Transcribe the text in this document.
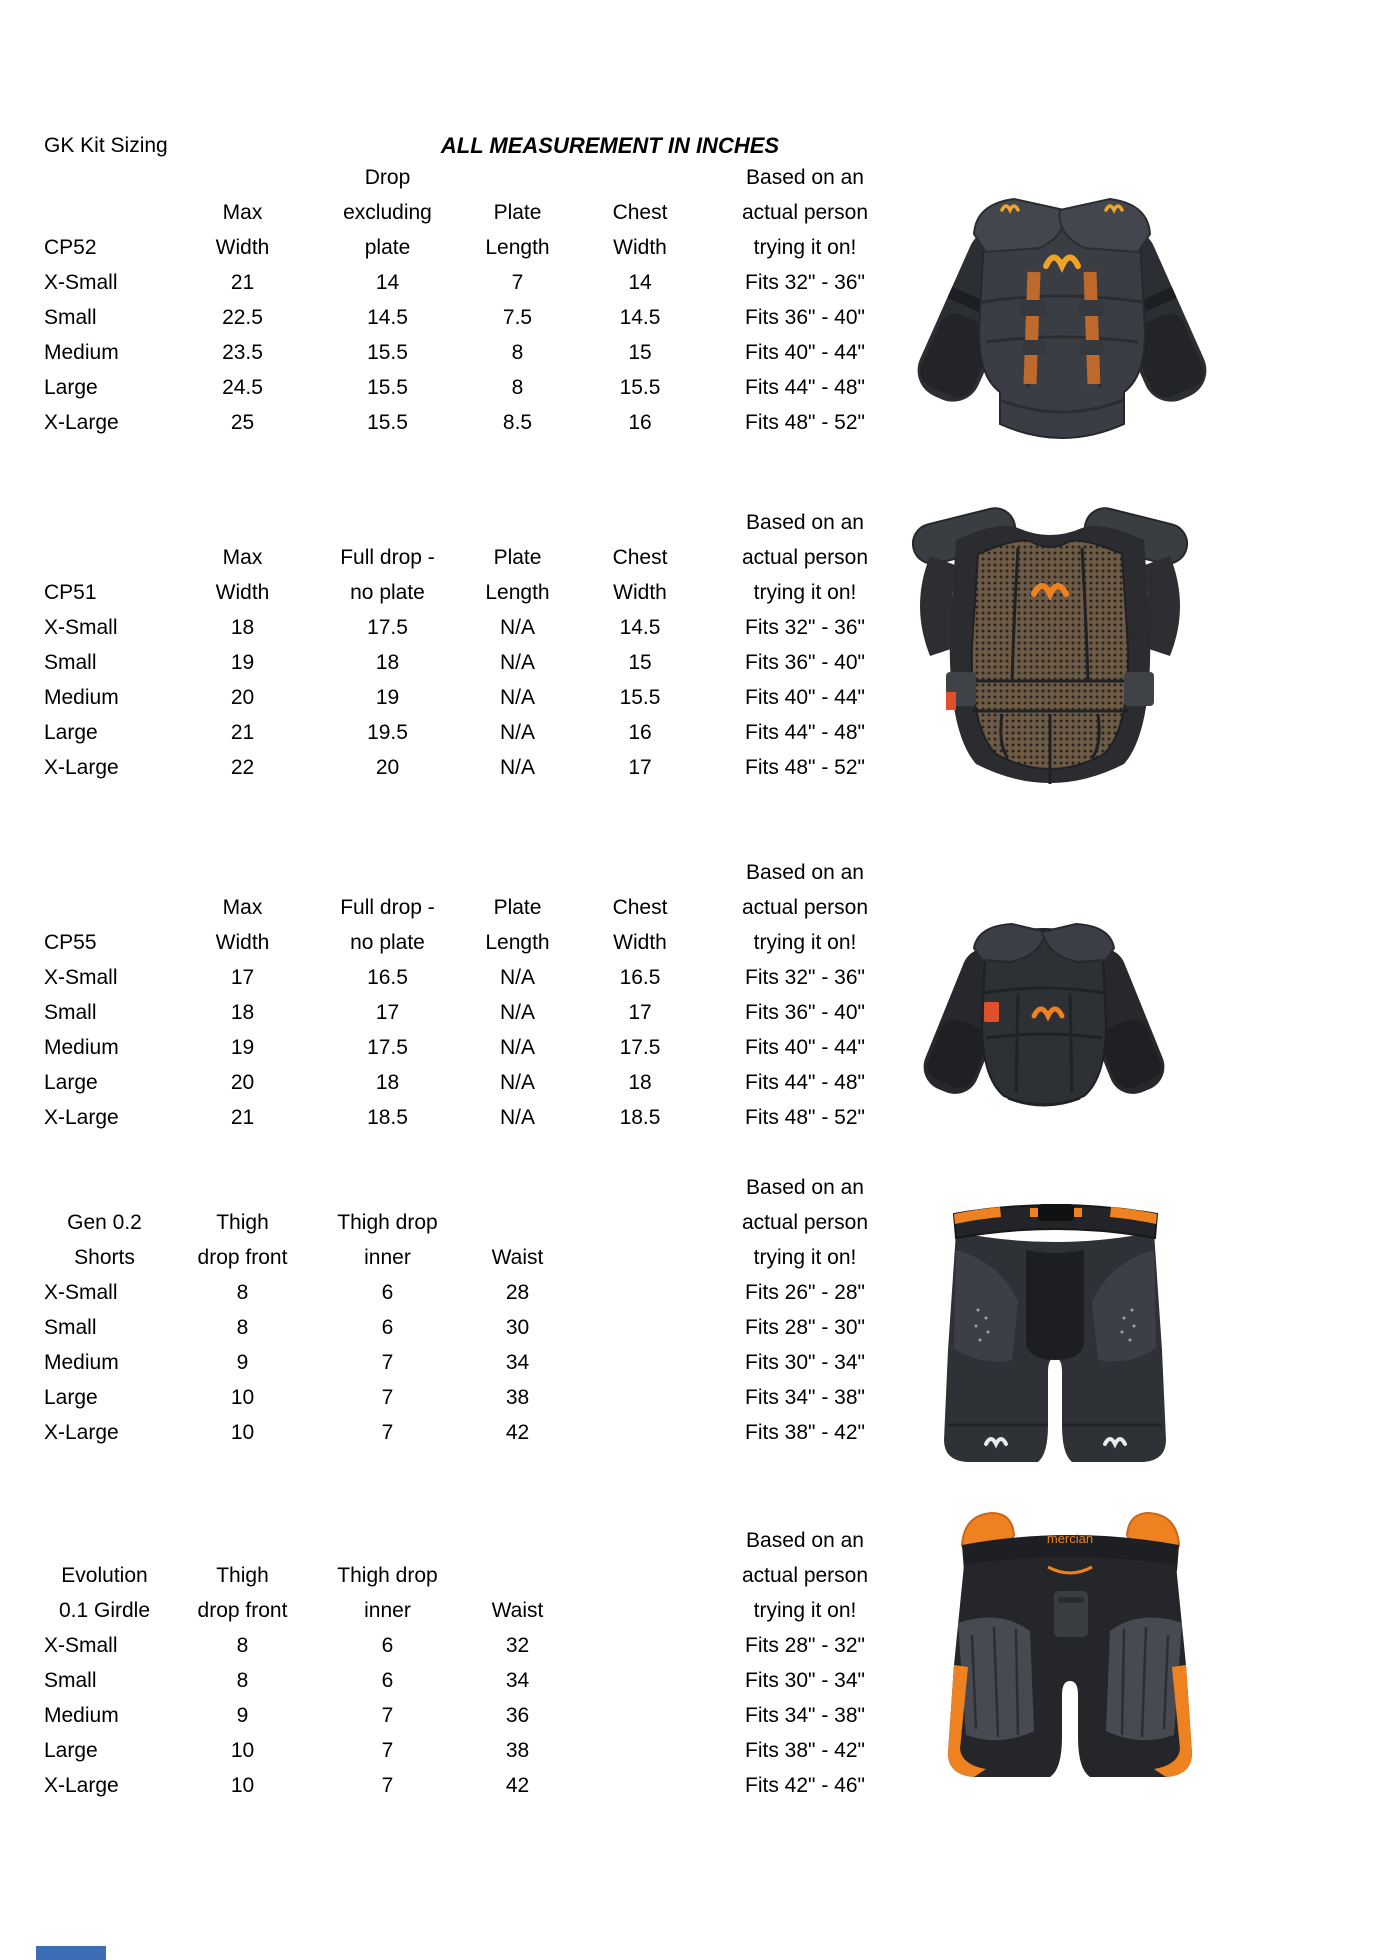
GK Kit Sizing	ALL MEASUREMENT IN INCHES
Drop	Based on an
Max	excluding	Plate	Chest	actual person
CP52	Width	plate	Length	Width	trying it on!
X-Small	21	14	7	14	Fits 32" - 36"
Small	22.5	14.5	7.5	14.5	Fits 36" - 40"
Medium	23.5	15.5	8	15	Fits 40" - 44"
Large	24.5	15.5	8	15.5	Fits 44" - 48"
X-Large	25	15.5	8.5	16	Fits 48" - 52"
Based on an
Max	Full drop -	Plate	Chest	actual person
CP51	Width	no plate	Length	Width	trying it on!
X-Small	18	17.5	N/A	14.5	Fits 32" - 36"
Small	19	18	N/A	15	Fits 36" - 40"
Medium	20	19	N/A	15.5	Fits 40" - 44"
Large	21	19.5	N/A	16	Fits 44" - 48"
X-Large	22	20	N/A	17	Fits 48" - 52"
Based on an
Max	Full drop -	Plate	Chest	actual person
CP55	Width	no plate	Length	Width	trying it on!
X-Small	17	16.5	N/A	16.5	Fits 32" - 36"
Small	18	17	N/A	17	Fits 36" - 40"
Medium	19	17.5	N/A	17.5	Fits 40" - 44"
Large	20	18	N/A	18	Fits 44" - 48"
X-Large	21	18.5	N/A	18.5	Fits 48" - 52"
Based on an
Gen 0.2	Thigh	Thigh drop	actual person
Shorts	drop front	inner	Waist	trying it on!
X-Small	8	6	28	Fits 26" - 28"
Small	8	6	30	Fits 28" - 30"
Medium	9	7	34	Fits 30" - 34"
Large	10	7	38	Fits 34" - 38"
X-Large	10	7	42	Fits 38" - 42"
Based on an
Evolution	Thigh	Thigh drop	actual person
0.1 Girdle	drop front	inner	Waist	trying it on!
X-Small	8	6	32	Fits 28" - 32"
Small	8	6	34	Fits 30" - 34"
Medium	9	7	36	Fits 34" - 38"
Large	10	7	38	Fits 38" - 42"
X-Large	10	7	42	Fits 42" - 46"
mercian
